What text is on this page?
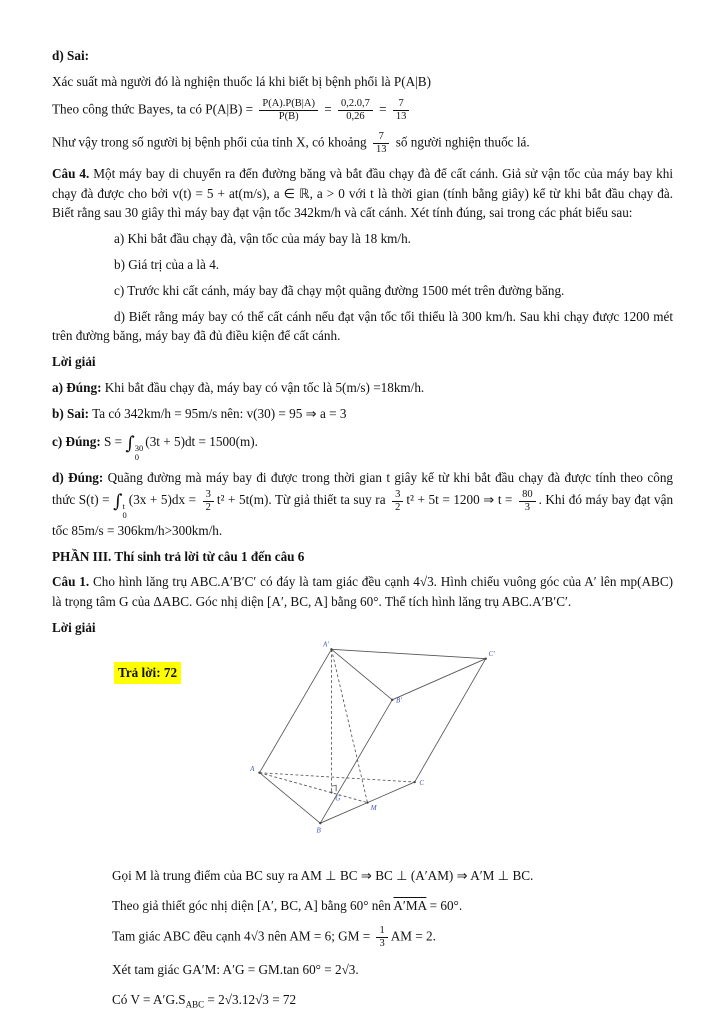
d) Sai:

Xác suất mà người đó là nghiện thuốc lá khi biết bị bệnh phổi là P(A|B)

Theo công thức Bayes, ta có $P(A|B) = \frac{P(A).P(B|A)}{P(B)} = \frac{0,2.0,7}{0,26} = \frac{7}{13}$

Như vậy trong số người bị bệnh phổi của tỉnh X, có khoảng $\frac{7}{13}$ số người nghiện thuốc lá.

Câu 4. Một máy bay di chuyển ra đến đường băng và bắt đầu chạy đà để cất cánh. Giả sử vận tốc của máy bay khi chạy đà được cho bởi v(t) = 5 + at(m/s), a ∈ ℝ, a > 0 với t là thời gian (tính bằng giây) kể từ khi bắt đầu chạy đà. Biết rằng sau 30 giây thì máy bay đạt vận tốc 342km/h và cất cánh. Xét tính đúng, sai trong các phát biểu sau:

a) Khi bắt đầu chạy đà, vận tốc của máy bay là 18 km/h.

b) Giá trị của a là 4.

c) Trước khi cất cánh, máy bay đã chạy một quãng đường 1500 mét trên đường băng.

d) Biết rằng máy bay có thể cất cánh nếu đạt vận tốc tối thiểu là 300 km/h. Sau khi chạy được 1200 mét trên đường băng, máy bay đã đủ điều kiện để cất cánh.

Lời giải

a) Đúng: Khi bắt đầu chạy đà, máy bay có vận tốc là 5(m/s) =18km/h.

b) Sai: Ta có 342km/h = 95m/s nên: v(30) = 95 ⇒ a = 3

c) Đúng: S = ∫ 30
0
(3t + 5)dt = 1500(m).

d) Đúng: Quãng đường mà máy bay đi được trong thời gian t giây kể từ khi bắt đầu chạy đà được tính theo công thức S(t) = ∫ t
0
$(3x + 5)dx = \frac{3}{2} t^2 + 5t(m)$. Từ giả thiết ta suy ra $\frac{3}{2} t^2 + 5t = 1200$ ⇒ $t = \frac{80}{3}$ . Khi đó máy bay đạt vận tốc 85m/s = 306km/h>300km/h.

PHẦN III. Thí sinh trả lời từ câu 1 đến câu 6

Câu 1. Cho hình lăng trụ ABC.A′B′C′ có đáy là tam giác đều cạnh 4√3. Hình chiếu vuông góc của A′ lên mp(ABC) là trọng tâm G của ΔABC. Góc nhị diện [A′, BC, A] bằng 60°. Thể tích hình lăng trụ ABC.A′B′C′.

Lời giải

Trả lời: 72
A′
B′
C′
A
B
C
G
M

Gọi M là trung điểm của BC suy ra AM ⊥ BC ⇒ BC ⊥ (A′AM) ⇒ A′M ⊥ BC.

Theo giả thiết góc nhị diện [A′, BC, A] bằng 60° nên A′MA = 60°.

Tam giác ABC đều cạnh 4√3 nên AM = 6; GM = $\frac{1}{3}$ AM = 2.

Xét tam giác GA′M: A′G = GM.tan 60° = 2√3.

Có $V = A'G.S_{ABC} = 2√3.12√3 = 72$
